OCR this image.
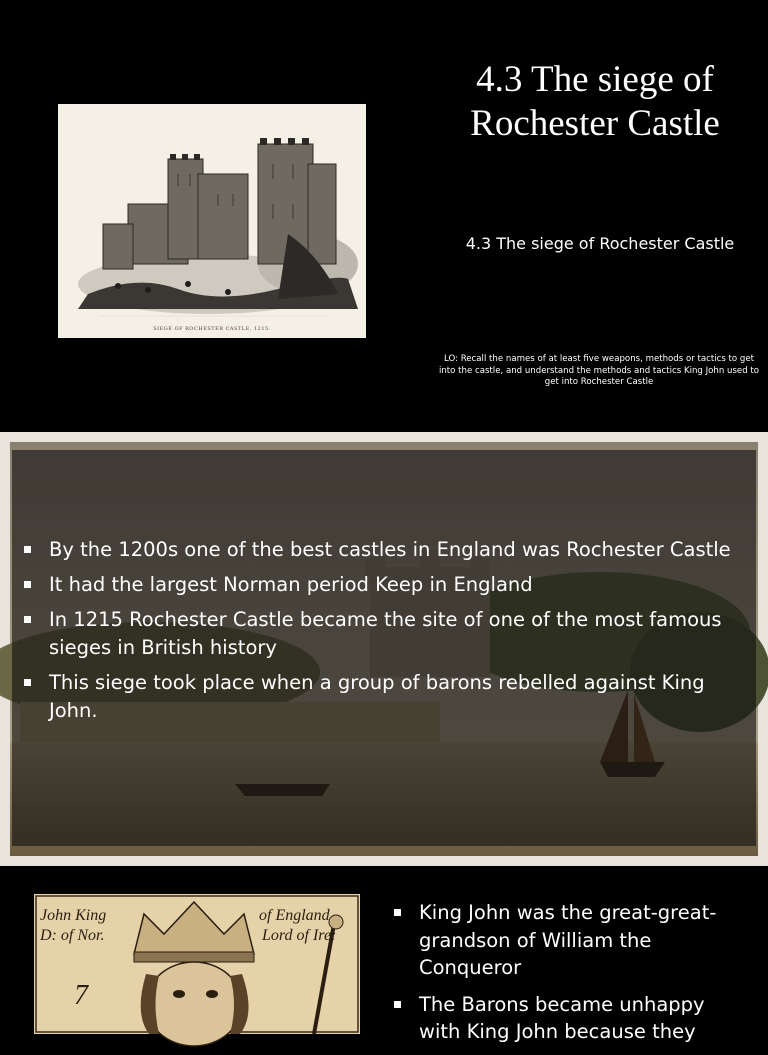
SIEGE OF ROCHESTER CASTLE, 1215.
4.3 The siege of Rochester Castle
4.3 The siege of Rochester Castle
LO: Recall the names of at least five weapons, methods or tactics to get into the castle, and understand the methods and tactics King John used to get into Rochester Castle
By the 1200s one of the best castles in England was Rochester Castle
It had the largest Norman period Keep in England
In 1215 Rochester Castle became the site of one of the most famous sieges in British history
This siege took place when a group of barons rebelled against King John.
John King
D: of Nor.
of England
Lord of Ire:
7
King John was the great-great-grandson of William the Conqueror
The Barons became unhappy with King John because they
